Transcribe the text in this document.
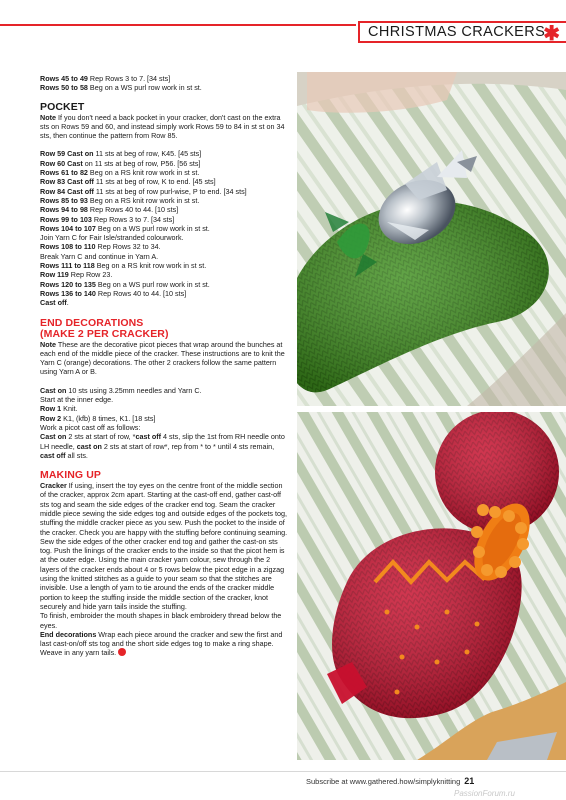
CHRISTMAS CRACKERS
✱

Rows 45 to 49 Rep Rows 3 to 7. [34 sts]

Rows 50 to 58 Beg on a WS purl row work in st st.

POCKET

Note If you don't need a back pocket in your cracker, don't cast on the extra sts on Rows 59 and 60, and instead simply work Rows 59 to 84 in st st on 34 sts, then continue the pattern from Row 85.

Row 59 Cast on 11 sts at beg of row, K45. [45 sts]

Row 60 Cast on 11 sts at beg of row, P56. [56 sts]

Rows 61 to 82 Beg on a RS knit row work in st st.

Row 83 Cast off 11 sts at beg of row, K to end. [45 sts]

Row 84 Cast off 11 sts at beg of row purl-wise, P to end. [34 sts]

Rows 85 to 93 Beg on a RS knit row work in st st.

Rows 94 to 98 Rep Rows 40 to 44. [10 sts]

Rows 99 to 103 Rep Rows 3 to 7. [34 sts]

Rows 104 to 107 Beg on a WS purl row work in st st.

Join Yarn C for Fair Isle/stranded colourwork.

Rows 108 to 110 Rep Rows 32 to 34.

Break Yarn C and continue in Yarn A.

Rows 111 to 118 Beg on a RS knit row work in st st.

Row 119 Rep Row 23.

Rows 120 to 135 Beg on a WS purl row work in st st.

Rows 136 to 140 Rep Rows 40 to 44. [10 sts]

Cast off.

END DECORATIONS

(MAKE 2 PER CRACKER)

Note These are the decorative picot pieces that wrap around the bunches at each end of the middle piece of the cracker. These instructions are to knit the Yarn C (orange) decorations. The other 2 crackers follow the same pattern using Yarn A or B.

Cast on 10 sts using 3.25mm needles and Yarn C.

Start at the inner edge.

Row 1 Knit.

Row 2 K1, (kfb) 8 times, K1. [18 sts]

Work a picot cast off as follows:

Cast on 2 sts at start of row, *cast off 4 sts, slip the 1st from RH needle onto LH needle, cast on 2 sts at start of row*, rep from * to * until 4 sts remain, cast off all sts.

MAKING UP

Cracker If using, insert the toy eyes on the centre front of the middle section of the cracker, approx 2cm apart. Starting at the cast-off end, gather cast-off sts tog and seam the side edges of the cracker end tog. Seam the cracker middle piece sewing the side edges tog and outside edges of the pockets tog, stuffing the middle cracker piece as you sew. Push the pocket to the inside of the cracker. Check you are happy with the stuffing before continuing seaming. Sew the side edges of the other cracker end tog and gather the cast-on sts tog. Push the linings of the cracker ends to the inside so that the picot hem is at the outer edge. Using the main cracker yarn colour, sew through the 2 layers of the cracker ends about 4 or 5 rows below the picot edge in a zigzag using the knitted stitches as a guide to your seam so that the stitches are invisible. Use a length of yarn to tie around the ends of the cracker middle portion to keep the stuffing inside the middle section of the cracker, knot securely and hide yarn tails inside the stuffing.

To finish, embroider the mouth shapes in black embroidery thread below the eyes.

End decorations Wrap each piece around the cracker and sew the first and last cast-on/off sts tog and the short side edges tog to make a ring shape. Weave in any yarn tails.

Subscribe at www.gathered.how/simplyknitting 21
PassionForum.ru
